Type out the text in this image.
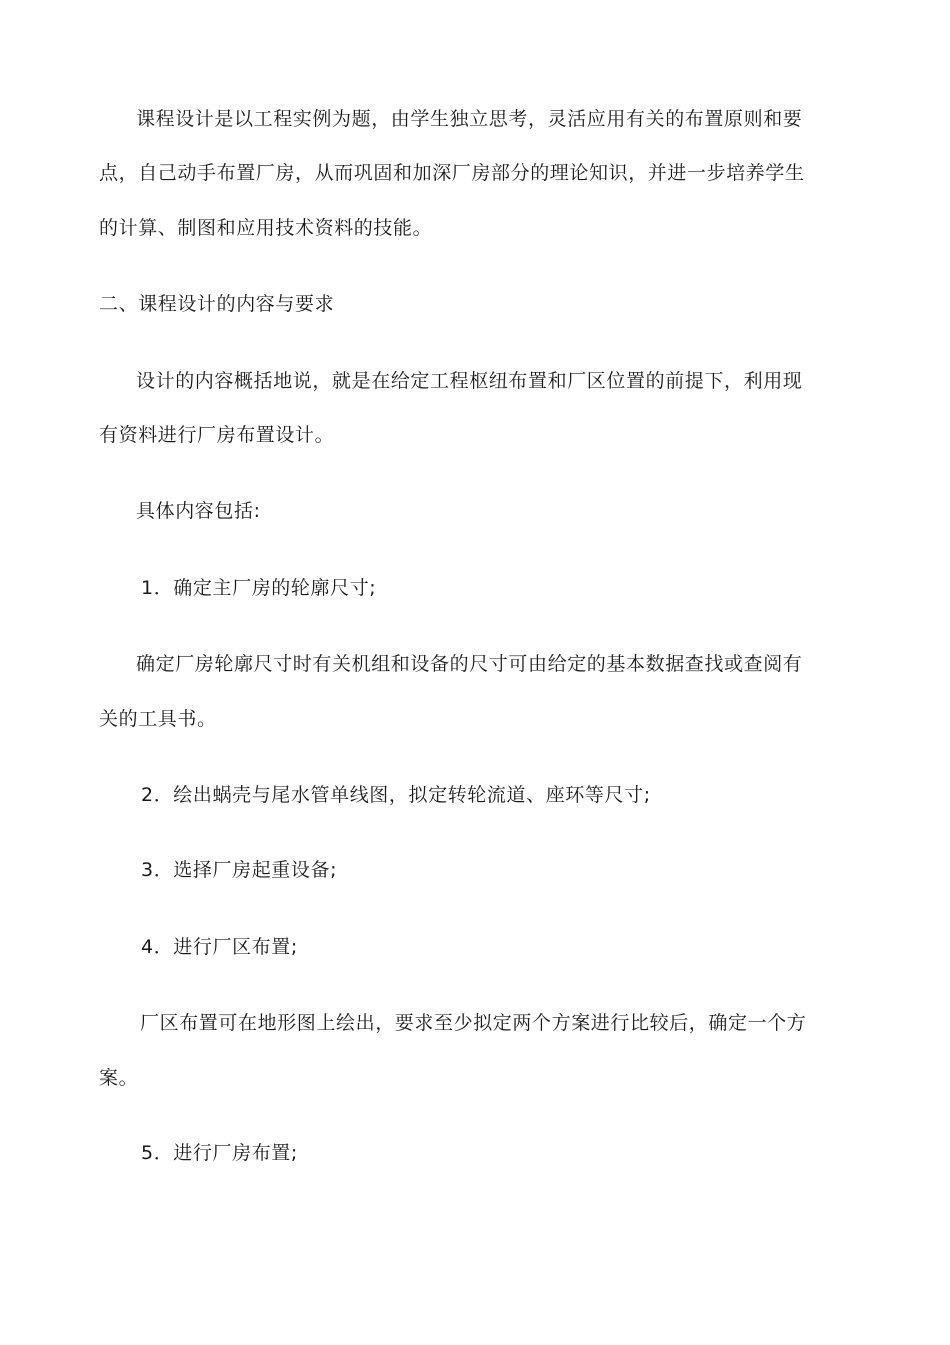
课程设计是以工程实例为题，由学生独立思考，灵活应用有关的布置原则和要
点，自己动手布置厂房，从而巩固和加深厂房部分的理论知识，并进一步培养学生
的计算、制图和应用技术资料的技能。
二、课程设计的内容与要求
设计的内容概括地说，就是在给定工程枢纽布置和厂区位置的前提下，利用现
有资料进行厂房布置设计。
具体内容包括:
1．确定主厂房的轮廓尺寸;
确定厂房轮廓尺寸时有关机组和设备的尺寸可由给定的基本数据查找或查阅有
关的工具书。
2．绘出蜗壳与尾水管单线图，拟定转轮流道、座环等尺寸;
3．选择厂房起重设备;
4．进行厂区布置;
厂区布置可在地形图上绘出，要求至少拟定两个方案进行比较后，确定一个方
案。
5．进行厂房布置;
